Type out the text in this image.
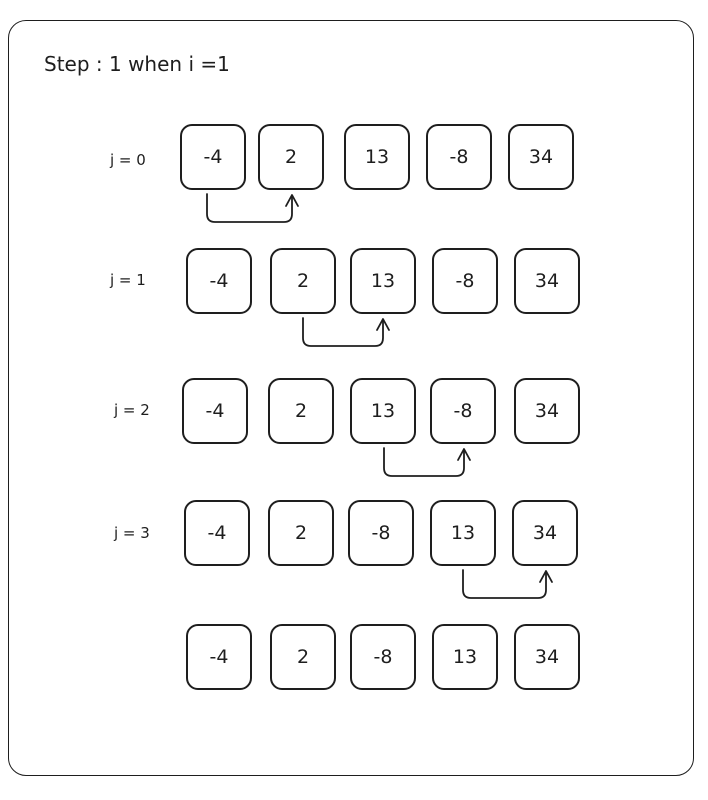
Step : 1 when i =1
j = 0
j = 1
j = 2
j = 3
-4	2	13	-8	34
-4	2	13	-8	34
-4	2	13	-8	34
-4	2	-8	13	34
-4	2	-8	13	34
